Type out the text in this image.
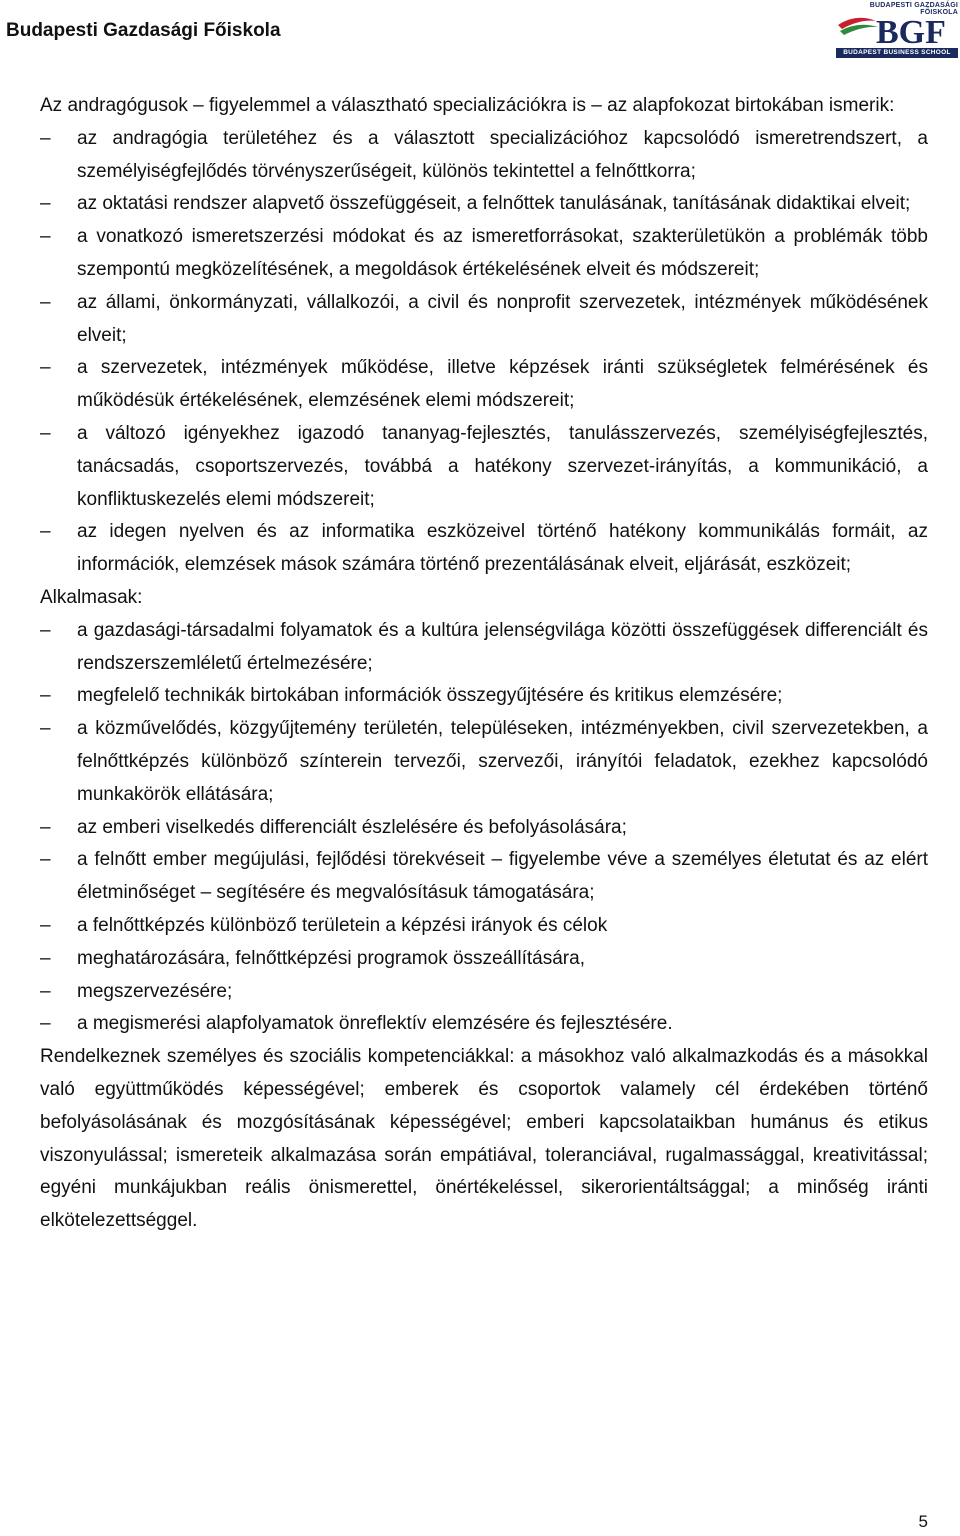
Budapesti Gazdasági Főiskola
BUDAPESTI GAZDASÁGI FŐISKOLA
BGF
BUDAPEST BUSINESS SCHOOL

Az andragógusok – figyelemmel a választható specializációkra is – az alapfokozat birtokában ismerik:

– az andragógia területéhez és a választott specializációhoz kapcsolódó ismeretrendszert, a személyiségfejlődés törvényszerűségeit, különös tekintettel a felnőttkorra;
– az oktatási rendszer alapvető összefüggéseit, a felnőttek tanulásának, tanításának didaktikai elveit;
– a vonatkozó ismeretszerzési módokat és az ismeretforrásokat, szakterületükön a problémák több szempontú megközelítésének, a megoldások értékelésének elveit és módszereit;
– az állami, önkormányzati, vállalkozói, a civil és nonprofit szervezetek, intézmények működésének elveit;
– a szervezetek, intézmények működése, illetve képzések iránti szükségletek felmérésének és működésük értékelésének, elemzésének elemi módszereit;
– a változó igényekhez igazodó tananyag-fejlesztés, tanulásszervezés, személyiségfejlesztés, tanácsadás, csoportszervezés, továbbá a hatékony szervezet-irányítás, a kommunikáció, a konfliktuskezelés elemi módszereit;
– az idegen nyelven és az informatika eszközeivel történő hatékony kommunikálás formáit, az információk, elemzések mások számára történő prezentálásának elveit, eljárását, eszközeit;

Alkalmasak:

– a gazdasági-társadalmi folyamatok és a kultúra jelenségvilága közötti összefüggések differenciált és rendszerszemléletű értelmezésére;
– megfelelő technikák birtokában információk összegyűjtésére és kritikus elemzésére;
– a közművelődés, közgyűjtemény területén, településeken, intézményekben, civil szervezetekben, a felnőttképzés különböző színterein tervezői, szervezői, irányítói feladatok, ezekhez kapcsolódó munkakörök ellátására;
– az emberi viselkedés differenciált észlelésére és befolyásolására;
– a felnőtt ember megújulási, fejlődési törekvéseit – figyelembe véve a személyes életutat és az elért életminőséget – segítésére és megvalósításuk támogatására;
– a felnőttképzés különböző területein a képzési irányok és célok
– meghatározására, felnőttképzési programok összeállítására,
– megszervezésére;
– a megismerési alapfolyamatok önreflektív elemzésére és fejlesztésére.

Rendelkeznek személyes és szociális kompetenciákkal: a másokhoz való alkalmazkodás és a másokkal való együttműködés képességével; emberek és csoportok valamely cél érdekében történő befolyásolásának és mozgósításának képességével; emberi kapcsolataikban humánus és etikus viszonyulással; ismereteik alkalmazása során empátiával, toleranciával, rugalmassággal, kreativitással; egyéni munkájukban reális önismerettel, önértékeléssel, sikerorientáltsággal; a minőség iránti elkötelezettséggel.

5
